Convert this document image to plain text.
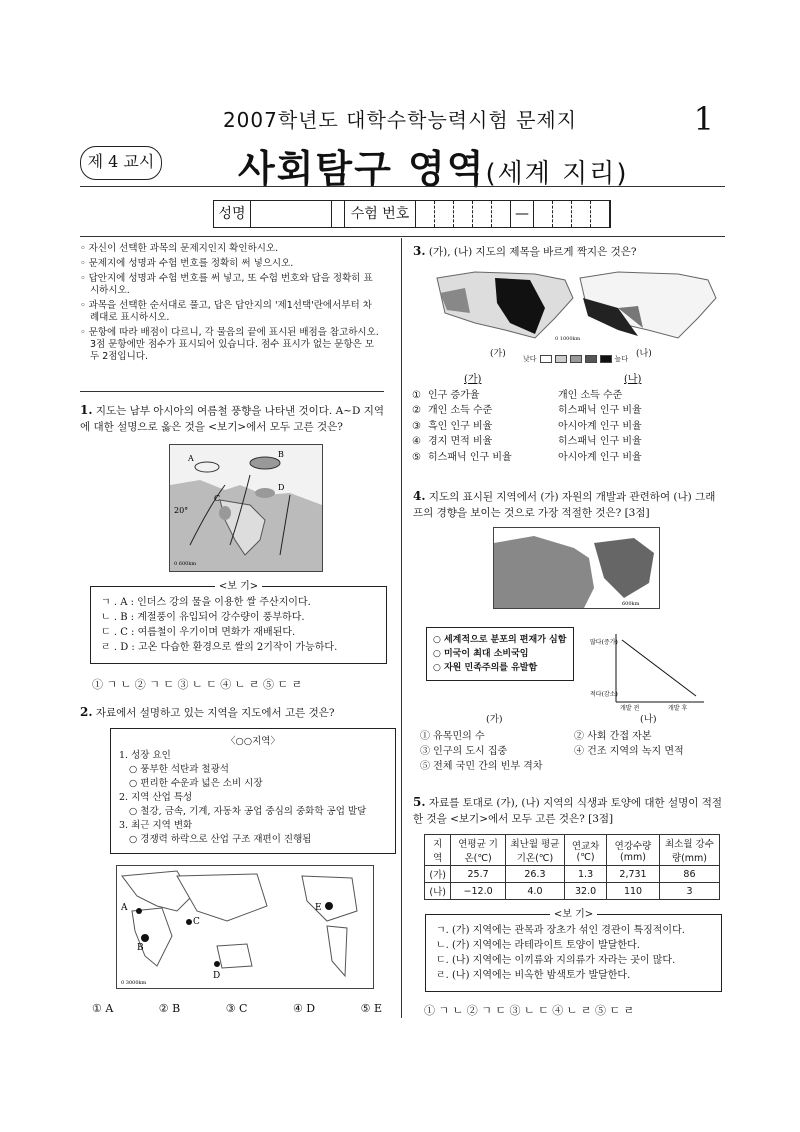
2007학년도 대학수학능력시험 문제지	1
제 4 교시 사회탐구 영역(세계 지리)
성명	수험 번호	—

◦ 자신이 선택한 과목의 문제지인지 확인하시오.

◦ 문제지에 성명과 수험 번호를 정확히 써 넣으시오.

◦ 답안지에 성명과 수험 번호를 써 넣고, 또 수험 번호와 답을 정확히 표시하시오.

◦ 과목을 선택한 순서대로 풀고, 답은 답안지의 '제1선택'란에서부터 차례대로 표시하시오.

◦ 문항에 따라 배점이 다르니, 각 물음의 끝에 표시된 배점을 참고하시오. 3점 문항에만 점수가 표시되어 있습니다. 점수 표시가 없는 문항은 모두 2점입니다.

1. 지도는 남부 아시아의 여름철 풍향을 나타낸 것이다. A~D 지역에 대한 설명으로 옳은 것을 <보기>에서 모두 고른 것은?
A	B
C
D
20°
0 600km
<보 기>
ㄱ . A : 인더스 강의 물을 이용한 쌀 주산지이다.
ㄴ . B : 계절풍이 유입되어 강수량이 풍부하다.
ㄷ . C : 여름철이 우기이며 면화가 재배된다.
ㄹ . D : 고온 다습한 환경으로 쌀의 2기작이 가능하다.
① ㄱ ㄴ ② ㄱ ㄷ ③ ㄴ ㄷ ④ ㄴ ㄹ ⑤ ㄷ ㄹ
2. 자료에서 설명하고 있는 지역을 지도에서 고른 것은?
〈○○지역〉
1. 성장 요인
○ 풍부한 석탄과 철광석
○ 편리한 수운과 넓은 소비 시장
2. 지역 산업 특성
○ 철강, 금속, 기계, 자동차 공업 중심의 중화학 공업 발달
3. 최근 지역 변화
○ 경쟁력 하락으로 산업 구조 재편이 진행됨
A
B
C
D
E
0 3000km
① A	② B	③ C	④ D	⑤ E
3. (가), (나) 지도의 제목을 바르게 짝지은 것은?
(가)	(나)
0 1000km
낮다	높다
(가)	(나)
① 인구 증가율	개인 소득 수준
② 개인 소득 수준	히스패닉 인구 비율
③ 흑인 인구 비율	아시아계 인구 비율
④ 경지 면적 비율	히스패닉 인구 비율
⑤ 히스패닉 인구 비율	아시아계 인구 비율
4. 지도의 표시된 지역에서 (가) 자원의 개발과 관련하여 (나) 그래프의 경향을 보이는 것으로 가장 적절한 것은? [3점]
600km
○ 세계적으로 분포의 편재가 심함
○ 미국이 최대 소비국임
○ 자원 민족주의를 유발함
많다(증가)
적다(감소)
개발 전	개발 후
(가)	(나)
① 유목민의 수	② 사회 간접 자본
③ 인구의 도시 집중	④ 건조 지역의 녹지 면적
⑤ 전체 국민 간의 빈부 격차
5. 자료를 토대로 (가), (나) 지역의 식생과 토양에 대한 설명이 적절한 것을 <보기>에서 모두 고른 것은? [3점]
지역	연평균 기온(℃)	최난월 평균 기온(℃)	연교차 (℃)	연강수량 (mm)	최소월 강수량(mm)
(가)	25.7	26.3	1.3	2,731	86
(나)	−12.0	4.0	32.0	110	3
<보 기>
ㄱ. (가) 지역에는 관목과 장초가 섞인 경관이 특징적이다.
ㄴ. (가) 지역에는 라테라이트 토양이 발달한다.
ㄷ. (나) 지역에는 이끼류와 지의류가 자라는 곳이 많다.
ㄹ. (나) 지역에는 비옥한 밤색토가 발달한다.
① ㄱ ㄴ ② ㄱ ㄷ ③ ㄴ ㄷ ④ ㄴ ㄹ ⑤ ㄷ ㄹ
